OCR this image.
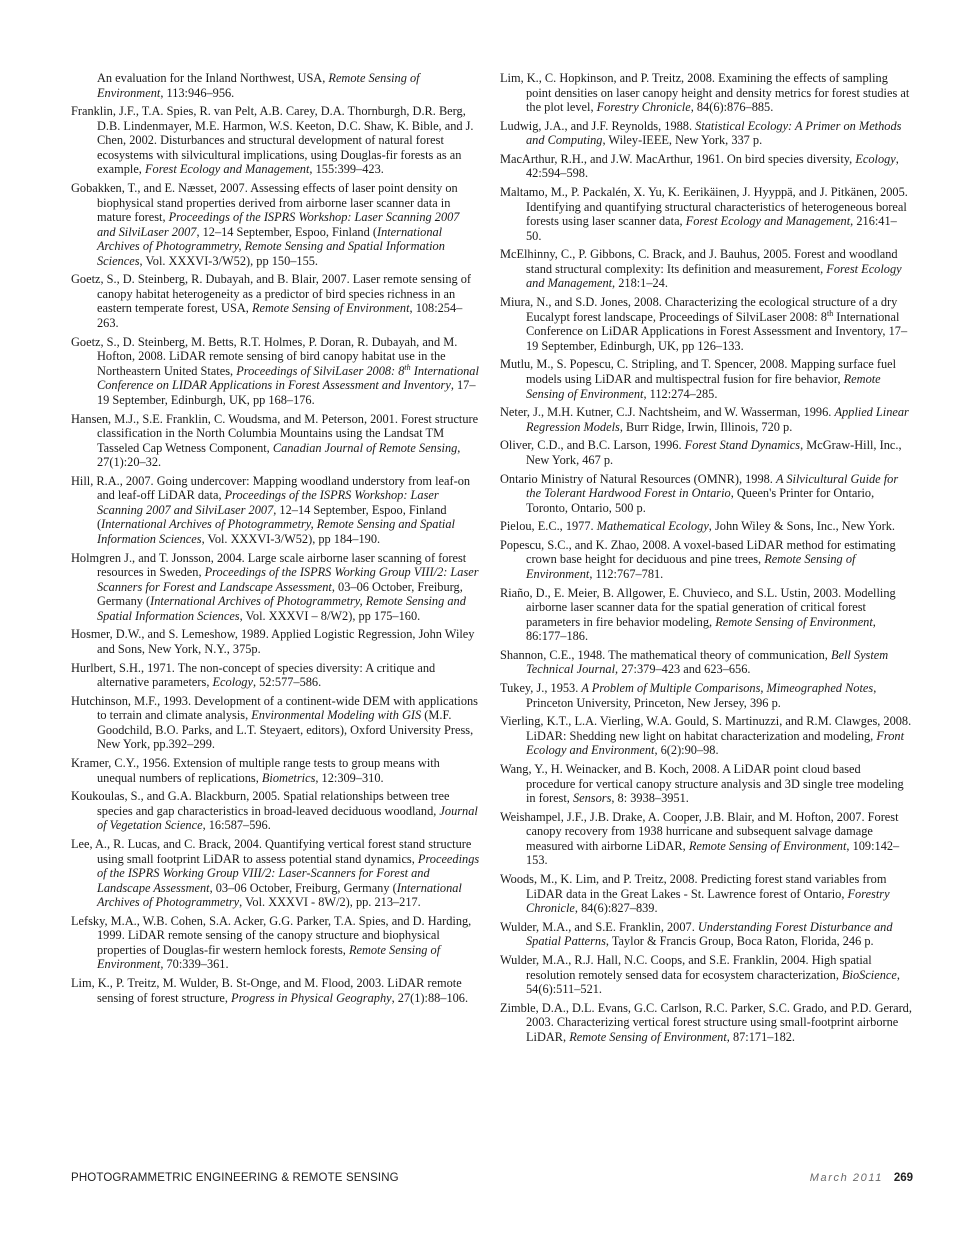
An evaluation for the Inland Northwest, USA, Remote Sensing of Environment, 113:946–956.

Franklin, J.F., T.A. Spies, R. van Pelt, A.B. Carey, D.A. Thornburgh, D.R. Berg, D.B. Lindenmayer, M.E. Harmon, W.S. Keeton, D.C. Shaw, K. Bible, and J. Chen, 2002. Disturbances and structural development of natural forest ecosystems with silvicultural implications, using Douglas-fir forests as an example, Forest Ecology and Management, 155:399–423.

Gobakken, T., and E. Næsset, 2007. Assessing effects of laser point density on biophysical stand properties derived from airborne laser scanner data in mature forest, Proceedings of the ISPRS Workshop: Laser Scanning 2007 and SilviLaser 2007, 12–14 September, Espoo, Finland (International Archives of Photogrammetry, Remote Sensing and Spatial Information Sciences, Vol. XXXVI-3/W52), pp 150–155.

Goetz, S., D. Steinberg, R. Dubayah, and B. Blair, 2007. Laser remote sensing of canopy habitat heterogeneity as a predictor of bird species richness in an eastern temperate forest, USA, Remote Sensing of Environment, 108:254–263.

Goetz, S., D. Steinberg, M. Betts, R.T. Holmes, P. Doran, R. Dubayah, and M. Hofton, 2008. LiDAR remote sensing of bird canopy habitat use in the Northeastern United States, Proceedings of SilviLaser 2008: 8th International Conference on LIDAR Applications in Forest Assessment and Inventory, 17–19 September, Edinburgh, UK, pp 168–176.

Hansen, M.J., S.E. Franklin, C. Woudsma, and M. Peterson, 2001. Forest structure classification in the North Columbia Mountains using the Landsat TM Tasseled Cap Wetness Component, Canadian Journal of Remote Sensing, 27(1):20–32.

Hill, R.A., 2007. Going undercover: Mapping woodland understory from leaf-on and leaf-off LiDAR data, Proceedings of the ISPRS Workshop: Laser Scanning 2007 and SilviLaser 2007, 12–14 September, Espoo, Finland (International Archives of Photogrammetry, Remote Sensing and Spatial Information Sciences, Vol. XXXVI-3/W52), pp 184–190.

Holmgren J., and T. Jonsson, 2004. Large scale airborne laser scanning of forest resources in Sweden, Proceedings of the ISPRS Working Group VIII/2: Laser Scanners for Forest and Landscape Assessment, 03–06 October, Freiburg, Germany (International Archives of Photogrammetry, Remote Sensing and Spatial Information Sciences, Vol. XXXVI – 8/W2), pp 175–160.

Hosmer, D.W., and S. Lemeshow, 1989. Applied Logistic Regression, John Wiley and Sons, New York, N.Y., 375p.

Hurlbert, S.H., 1971. The non-concept of species diversity: A critique and alternative parameters, Ecology, 52:577–586.

Hutchinson, M.F., 1993. Development of a continent-wide DEM with applications to terrain and climate analysis, Environmental Modeling with GIS (M.F. Goodchild, B.O. Parks, and L.T. Steyaert, editors), Oxford University Press, New York, pp.392–299.

Kramer, C.Y., 1956. Extension of multiple range tests to group means with unequal numbers of replications, Biometrics, 12:309–310.

Koukoulas, S., and G.A. Blackburn, 2005. Spatial relationships between tree species and gap characteristics in broad-leaved deciduous woodland, Journal of Vegetation Science, 16:587–596.

Lee, A., R. Lucas, and C. Brack, 2004. Quantifying vertical forest stand structure using small footprint LiDAR to assess potential stand dynamics, Proceedings of the ISPRS Working Group VIII/2: Laser-Scanners for Forest and Landscape Assessment, 03–06 October, Freiburg, Germany (International Archives of Photogrammetry, Vol. XXXVI - 8W/2), pp. 213–217.

Lefsky, M.A., W.B. Cohen, S.A. Acker, G.G. Parker, T.A. Spies, and D. Harding, 1999. LiDAR remote sensing of the canopy structure and biophysical properties of Douglas-fir western hemlock forests, Remote Sensing of Environment, 70:339–361.

Lim, K., P. Treitz, M. Wulder, B. St-Onge, and M. Flood, 2003. LiDAR remote sensing of forest structure, Progress in Physical Geography, 27(1):88–106.

Lim, K., C. Hopkinson, and P. Treitz, 2008. Examining the effects of sampling point densities on laser canopy height and density metrics for forest studies at the plot level, Forestry Chronicle, 84(6):876–885.

Ludwig, J.A., and J.F. Reynolds, 1988. Statistical Ecology: A Primer on Methods and Computing, Wiley-IEEE, New York, 337 p.

MacArthur, R.H., and J.W. MacArthur, 1961. On bird species diversity, Ecology, 42:594–598.

Maltamo, M., P. Packalén, X. Yu, K. Eerikäinen, J. Hyyppä, and J. Pitkänen, 2005. Identifying and quantifying structural characteristics of heterogeneous boreal forests using laser scanner data, Forest Ecology and Management, 216:41–50.

McElhinny, C., P. Gibbons, C. Brack, and J. Bauhus, 2005. Forest and woodland stand structural complexity: Its definition and measurement, Forest Ecology and Management, 218:1–24.

Miura, N., and S.D. Jones, 2008. Characterizing the ecological structure of a dry Eucalypt forest landscape, Proceedings of SilviLaser 2008: 8th International Conference on LiDAR Applications in Forest Assessment and Inventory, 17–19 September, Edinburgh, UK, pp 126–133.

Mutlu, M., S. Popescu, C. Stripling, and T. Spencer, 2008. Mapping surface fuel models using LiDAR and multispectral fusion for fire behavior, Remote Sensing of Environment, 112:274–285.

Neter, J., M.H. Kutner, C.J. Nachtsheim, and W. Wasserman, 1996. Applied Linear Regression Models, Burr Ridge, Irwin, Illinois, 720 p.

Oliver, C.D., and B.C. Larson, 1996. Forest Stand Dynamics, McGraw-Hill, Inc., New York, 467 p.

Ontario Ministry of Natural Resources (OMNR), 1998. A Silvicultural Guide for the Tolerant Hardwood Forest in Ontario, Queen's Printer for Ontario, Toronto, Ontario, 500 p.

Pielou, E.C., 1977. Mathematical Ecology, John Wiley & Sons, Inc., New York.

Popescu, S.C., and K. Zhao, 2008. A voxel-based LiDAR method for estimating crown base height for deciduous and pine trees, Remote Sensing of Environment, 112:767–781.

Riaño, D., E. Meier, B. Allgower, E. Chuvieco, and S.L. Ustin, 2003. Modelling airborne laser scanner data for the spatial generation of critical forest parameters in fire behavior modeling, Remote Sensing of Environment, 86:177–186.

Shannon, C.E., 1948. The mathematical theory of communication, Bell System Technical Journal, 27:379–423 and 623–656.

Tukey, J., 1953. A Problem of Multiple Comparisons, Mimeographed Notes, Princeton University, Princeton, New Jersey, 396 p.

Vierling, K.T., L.A. Vierling, W.A. Gould, S. Martinuzzi, and R.M. Clawges, 2008. LiDAR: Shedding new light on habitat characterization and modeling, Front Ecology and Environment, 6(2):90–98.

Wang, Y., H. Weinacker, and B. Koch, 2008. A LiDAR point cloud based procedure for vertical canopy structure analysis and 3D single tree modeling in forest, Sensors, 8: 3938–3951.

Weishampel, J.F., J.B. Drake, A. Cooper, J.B. Blair, and M. Hofton, 2007. Forest canopy recovery from 1938 hurricane and subsequent salvage damage measured with airborne LiDAR, Remote Sensing of Environment, 109:142–153.

Woods, M., K. Lim, and P. Treitz, 2008. Predicting forest stand variables from LiDAR data in the Great Lakes - St. Lawrence forest of Ontario, Forestry Chronicle, 84(6):827–839.

Wulder, M.A., and S.E. Franklin, 2007. Understanding Forest Disturbance and Spatial Patterns, Taylor & Francis Group, Boca Raton, Florida, 246 p.

Wulder, M.A., R.J. Hall, N.C. Coops, and S.E. Franklin, 2004. High spatial resolution remotely sensed data for ecosystem characterization, BioScience, 54(6):511–521.

Zimble, D.A., D.L. Evans, G.C. Carlson, R.C. Parker, S.C. Grado, and P.D. Gerard, 2003. Characterizing vertical forest structure using small-footprint airborne LiDAR, Remote Sensing of Environment, 87:171–182.

PHOTOGRAMMETRIC ENGINEERING & REMOTE SENSING	March 2011 269
